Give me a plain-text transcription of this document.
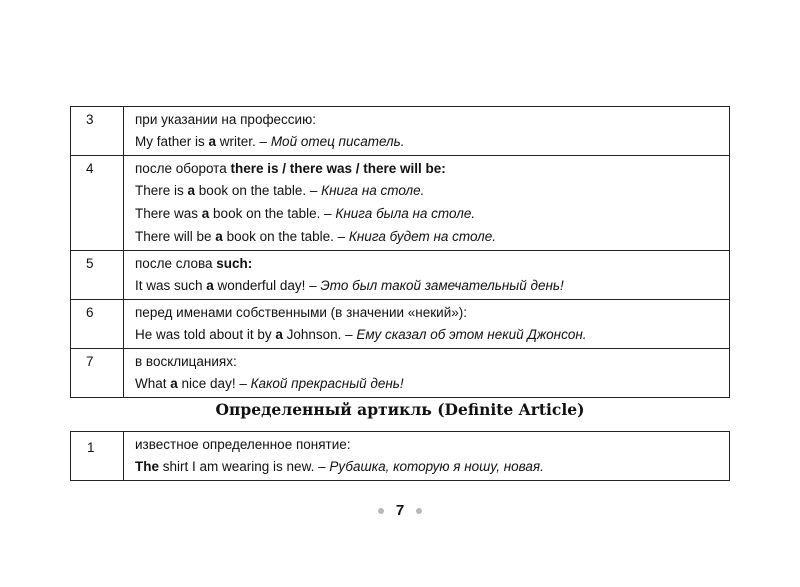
3	при указании на профессию:
My father is a writer. – Мой отец писатель.

4	после оборота there is / there was / there will be:
There is a book on the table. – Книга на столе.
There was a book on the table. – Книга была на столе.
There will be a book on the table. – Книга будет на столе.

5	после слова such:
It was such a wonderful day! – Это был такой замечательный день!

6	перед именами собственными (в значении «некий»):
He was told about it by a Johnson. – Ему сказал об этом некий Джонсон.

7	в восклицаниях:
What a nice day! – Какой прекрасный день!
Определенный артикль (Definite Article)
1	известное определенное понятие:
The shirt I am wearing is new. – Рубашка, которую я ношу, новая.
7
